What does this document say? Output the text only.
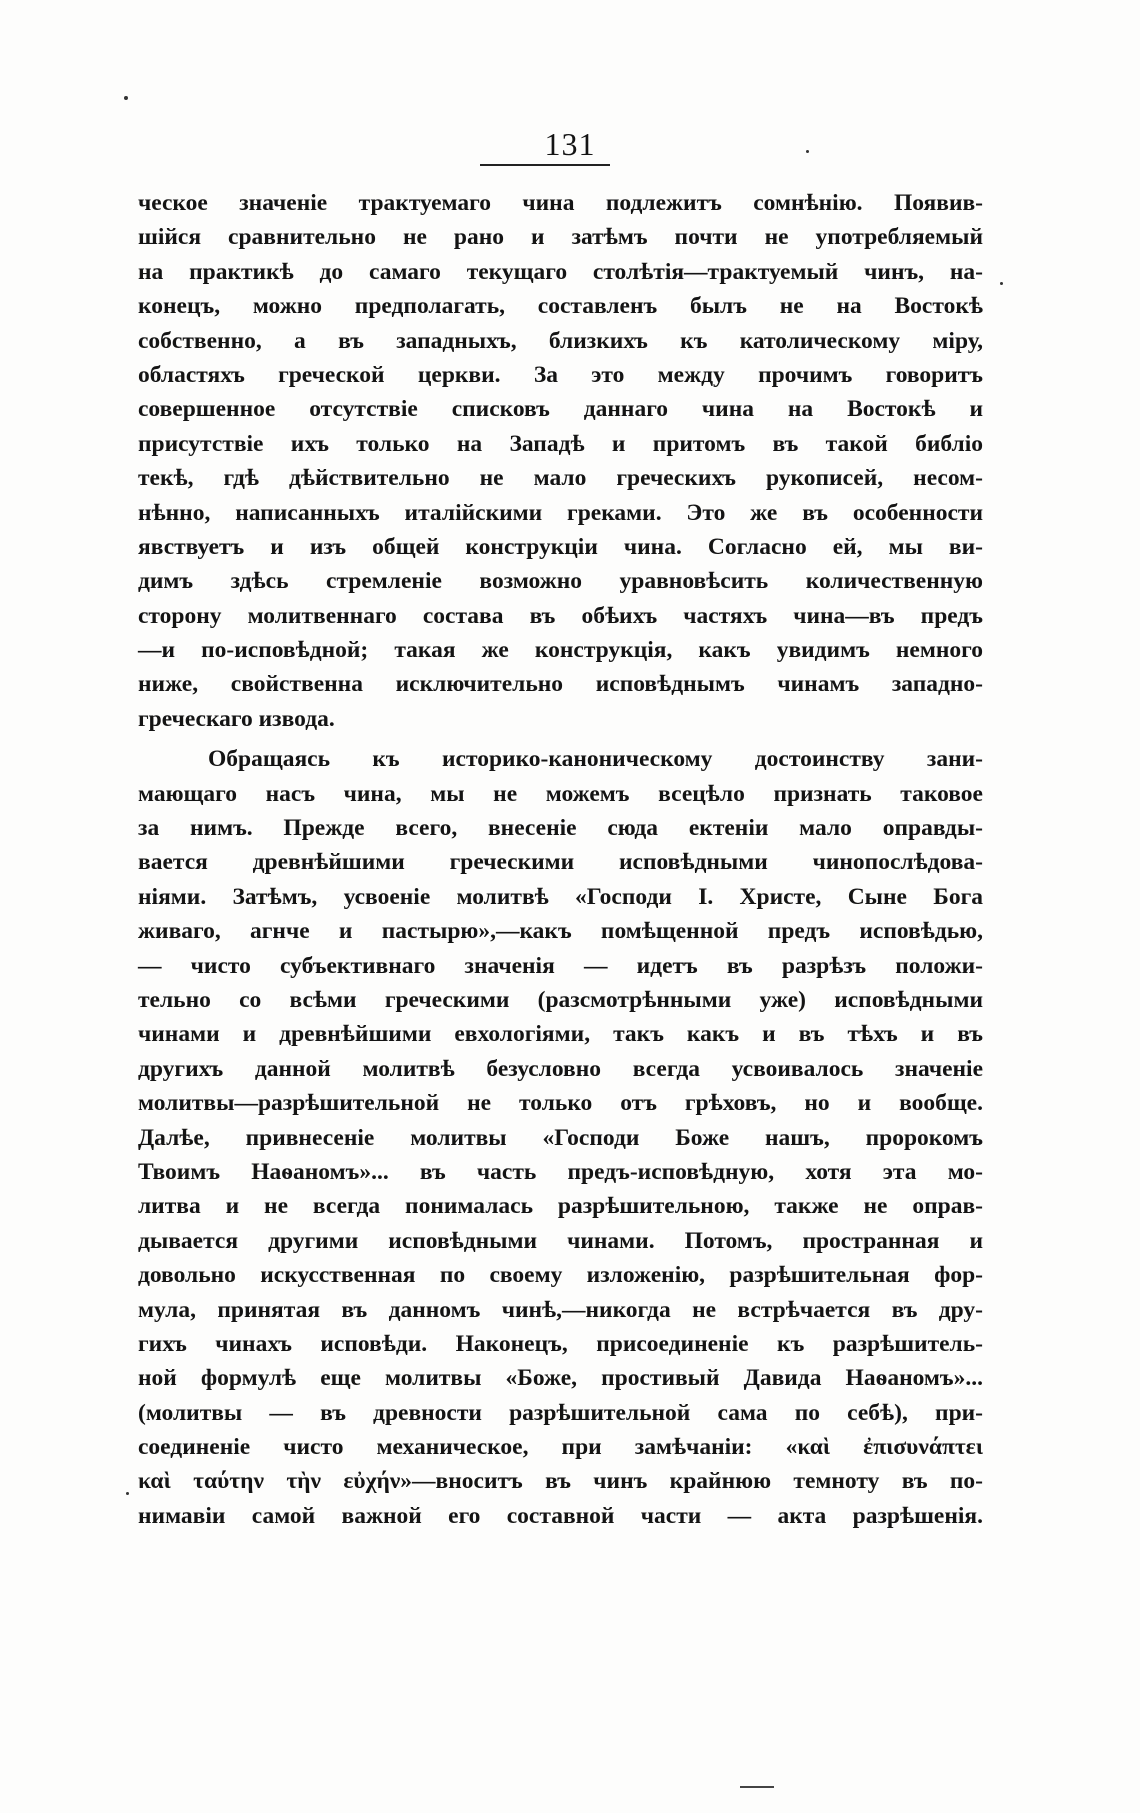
131
ческое значенiе трактуемаго чина подлежитъ сомнѣнiю. Появив-
шiйся сравнительно не рано и затѣмъ почти не употребляемый
на практикѣ до самаго текущаго столѣтiя—трактуемый чинъ, на-
конецъ, можно предполагать, составленъ былъ не на Востокѣ
собственно, а въ западныхъ, близкихъ къ католическому мiру,
областяхъ греческой церкви. За это между прочимъ говоритъ
совершенное отсутствiе списковъ даннаго чина на Востокѣ и
присутствiе ихъ только на Западѣ и притомъ въ такой библiо
текѣ, гдѣ дѣйствительно не мало греческихъ рукописей, несом-
нѣнно, написанныхъ италiйскими греками. Это же въ особенности
явствуетъ и изъ общей конструкцiи чина. Согласно ей, мы ви-
димъ здѣсь стремленiе возможно уравновѣсить количественную
сторону молитвеннаго состава въ обѣихъ частяхъ чина—въ предъ
—и по-исповѣдной; такая же конструкцiя, какъ увидимъ немного
ниже, свойственна исключительно исповѣднымъ чинамъ западно-
греческаго извода.
Обращаясь къ историко-каноническому достоинству зани-
мающаго насъ чина, мы не можемъ всецѣло признать таковое
за нимъ. Прежде всего, внесенiе сюда ектенiи мало оправды-
вается древнѣйшими греческими исповѣдными чинопослѣдова-
нiями. Затѣмъ, усвоенiе молитвѣ «Господи I. Христе, Сыне Бога
живаго, агнче и пастырю»,—какъ помѣщенной предъ исповѣдью,
— чисто субъективнаго значенiя — идетъ въ разрѣзъ положи-
тельно со всѣми греческими (разсмотрѣнными уже) исповѣдными
чинами и древнѣйшими евхологiями, такъ какъ и въ тѣхъ и въ
другихъ данной молитвѣ безусловно всегда усвоивалось значенiе
молитвы—разрѣшительной не только отъ грѣховъ, но и вообще.
Далѣе, привнесенiе молитвы «Господи Боже нашъ, пророкомъ
Твоимъ Наѳаномъ»... въ часть предъ-исповѣдную, хотя эта мо-
литва и не всегда понималась разрѣшительною, также не оправ-
дывается другими исповѣдными чинами. Потомъ, пространная и
довольно искусственная по своему изложенiю, разрѣшительная фор-
мула, принятая въ данномъ чинѣ,—никогда не встрѣчается въ дру-
гихъ чинахъ исповѣди. Наконецъ, присоединенiе къ разрѣшитель-
ной формулѣ еще молитвы «Боже, простивый Давида Наѳаномъ»...
(молитвы — въ древности разрѣшительной сама по себѣ), при-
соединенiе чисто механическое, при замѣчанiи: «καὶ ἐπισυνάπτει
καὶ ταύτην τὴν εὐχήν»—вноситъ въ чинъ крайнюю темноту въ по-
нимавiи самой важной его составной части — акта разрѣшенiя.
